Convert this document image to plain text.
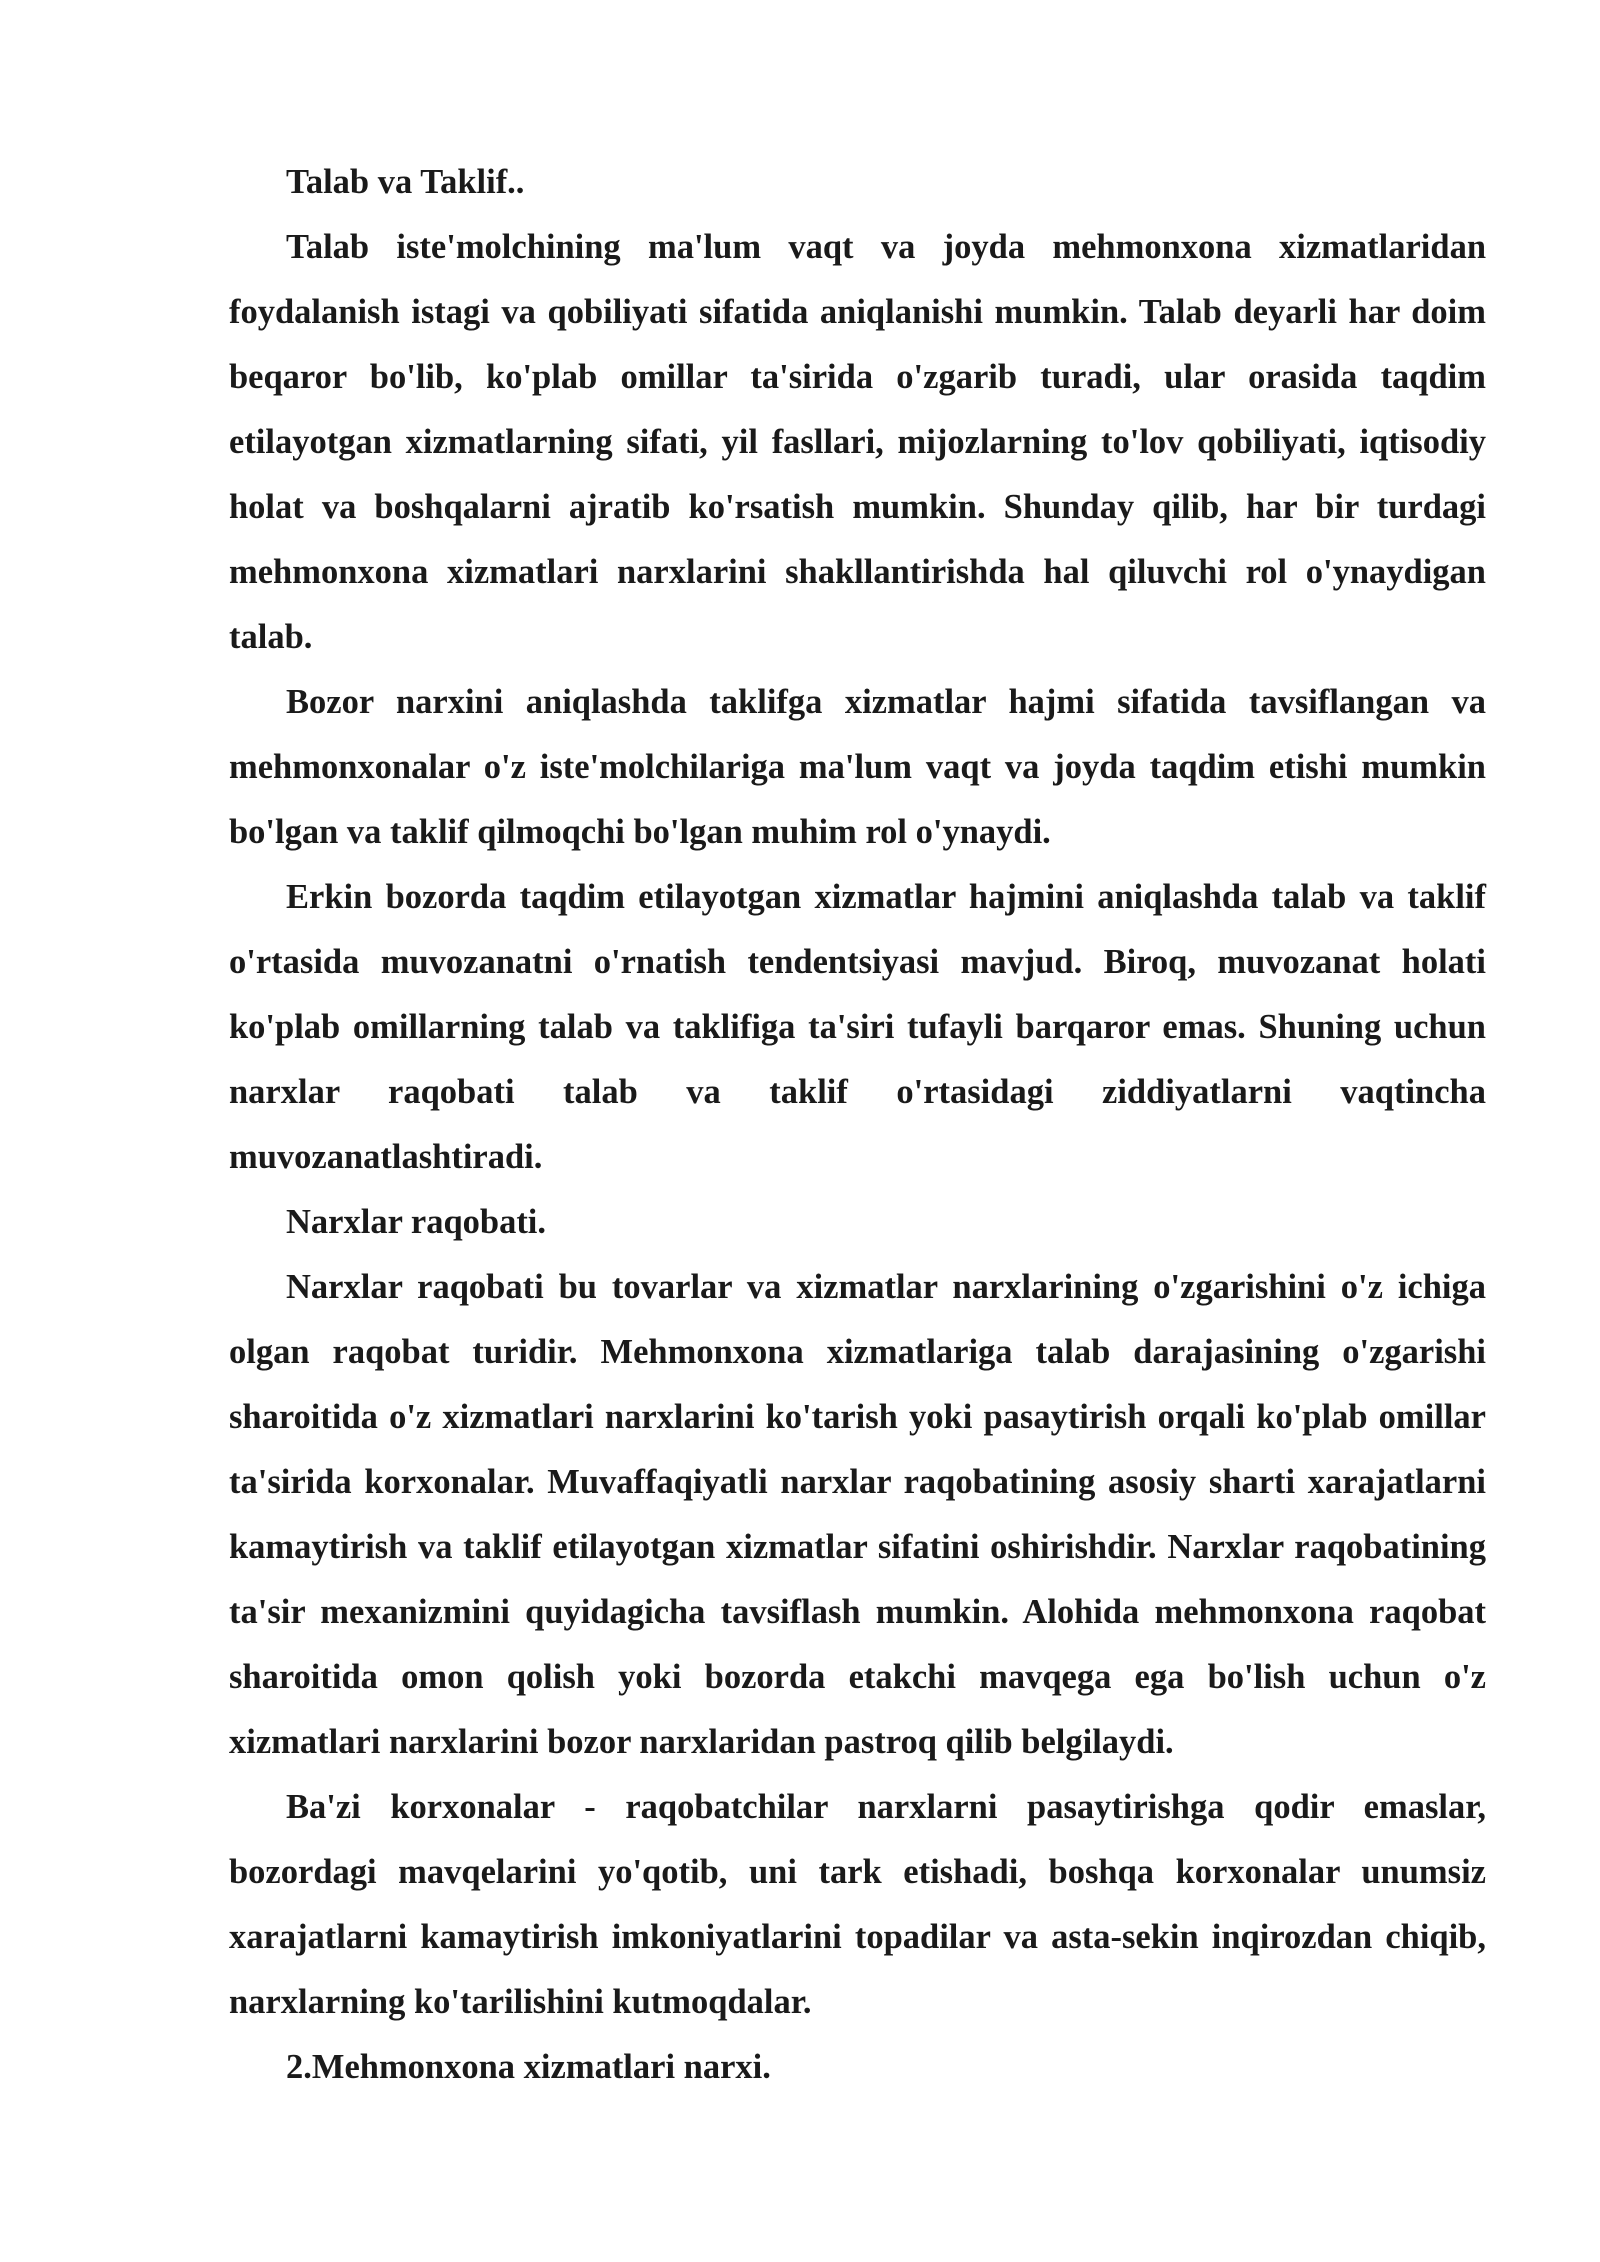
Talab va Taklif..

Talab iste'molchining ma'lum vaqt va joyda mehmonxona xizmatlaridan foydalanish istagi va qobiliyati sifatida aniqlanishi mumkin. Talab deyarli har doim beqaror bo'lib, ko'plab omillar ta'sirida o'zgarib turadi, ular orasida taqdim etilayotgan xizmatlarning sifati, yil fasllari, mijozlarning to'lov qobiliyati, iqtisodiy holat va boshqalarni ajratib ko'rsatish mumkin. Shunday qilib, har bir turdagi mehmonxona xizmatlari narxlarini shakllantirishda hal qiluvchi rol o'ynaydigan talab.

Bozor narxini aniqlashda taklifga xizmatlar hajmi sifatida tavsiflangan va mehmonxonalar o'z iste'molchilariga ma'lum vaqt va joyda taqdim etishi mumkin bo'lgan va taklif qilmoqchi bo'lgan muhim rol o'ynaydi.

Erkin bozorda taqdim etilayotgan xizmatlar hajmini aniqlashda talab va taklif o'rtasida muvozanatni o'rnatish tendentsiyasi mavjud. Biroq, muvozanat holati ko'plab omillarning talab va taklifiga ta'siri tufayli barqaror emas. Shuning uchun narxlar raqobati talab va taklif o'rtasidagi ziddiyatlarni vaqtincha muvozanatlashtiradi.

Narxlar raqobati.

Narxlar raqobati bu tovarlar va xizmatlar narxlarining o'zgarishini o'z ichiga olgan raqobat turidir. Mehmonxona xizmatlariga talab darajasining o'zgarishi sharoitida o'z xizmatlari narxlarini ko'tarish yoki pasaytirish orqali ko'plab omillar ta'sirida korxonalar. Muvaffaqiyatli narxlar raqobatining asosiy sharti xarajatlarni kamaytirish va taklif etilayotgan xizmatlar sifatini oshirishdir. Narxlar raqobatining ta'sir mexanizmini quyidagicha tavsiflash mumkin. Alohida mehmonxona raqobat sharoitida omon qolish yoki bozorda etakchi mavqega ega bo'lish uchun o'z xizmatlari narxlarini bozor narxlaridan pastroq qilib belgilaydi.

Ba'zi korxonalar - raqobatchilar narxlarni pasaytirishga qodir emaslar, bozordagi mavqelarini yo'qotib, uni tark etishadi, boshqa korxonalar unumsiz xarajatlarni kamaytirish imkoniyatlarini topadilar va asta-sekin inqirozdan chiqib, narxlarning ko'tarilishini kutmoqdalar.

2.Mehmonxona xizmatlari narxi.
